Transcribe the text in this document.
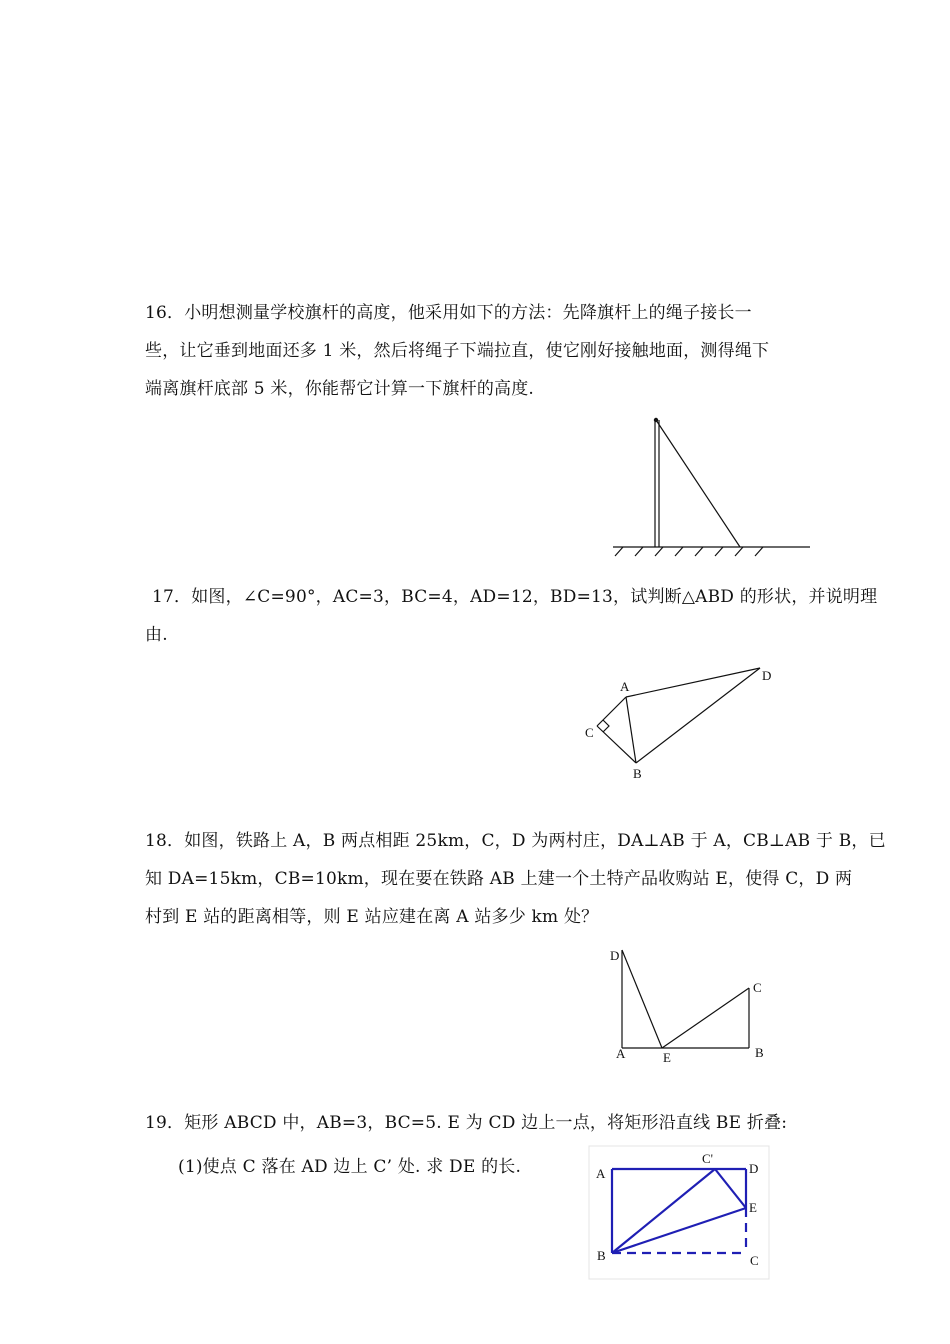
16．小明想测量学校旗杆的高度，他采用如下的方法：先降旗杆上的绳子接长一
些，让它垂到地面还多 1 米，然后将绳子下端拉直，使它刚好接触地面，测得绳下
端离旗杆底部 5 米，你能帮它计算一下旗杆的高度.
17．如图，∠C=90°，AC=3，BC=4，AD=12，BD=13，试判断△ABD 的形状，并说明理
由.
A
D
C
B
18．如图，铁路上 A，B 两点相距 25km，C，D 为两村庄，DA⊥AB 于 A，CB⊥AB 于 B，已
知 DA=15km，CB=10km，现在要在铁路 AB 上建一个土特产品收购站 E，使得 C，D 两
村到 E 站的距离相等，则 E 站应建在离 A 站多少 km 处？
D
C
A	E	B
19．矩形 ABCD 中，AB=3，BC=5. E 为 CD 边上一点，将矩形沿直线 BE 折叠:
(1)使点 C 落在 AD 边上 C’ 处. 求 DE 的长.	A
C'
D
E
B	C
